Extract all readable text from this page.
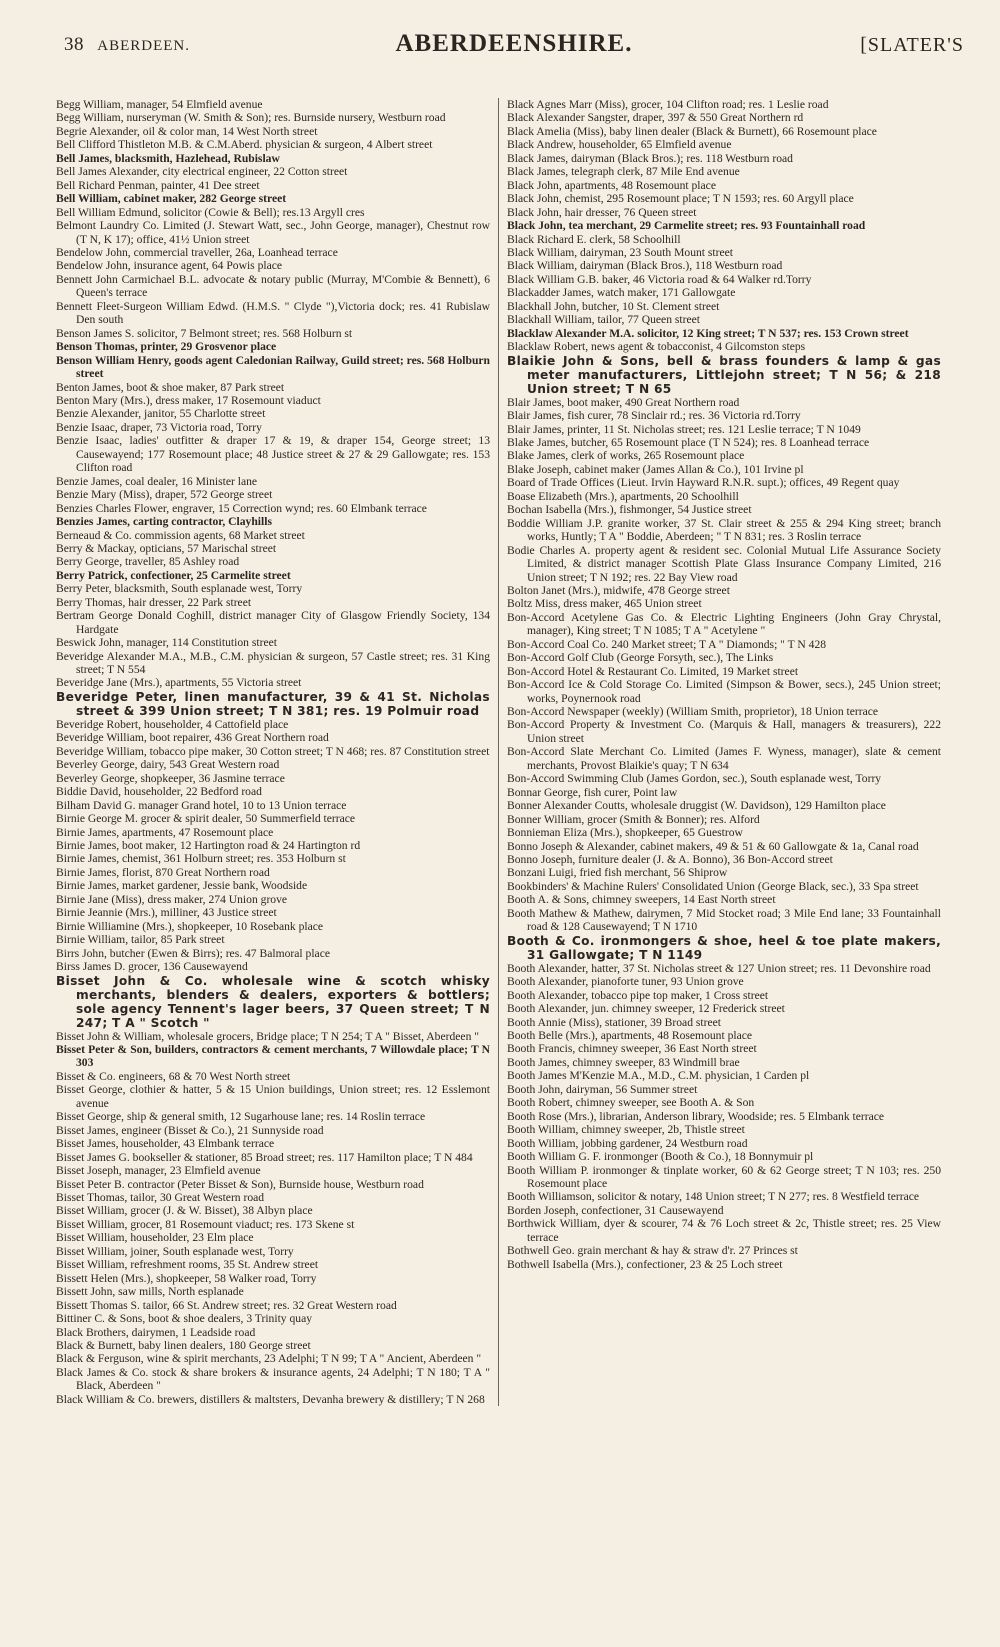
38 ABERDEEN.	ABERDEENSHIRE.	[SLATER'S

Begg William, manager, 54 Elmfield avenue

Begg William, nurseryman (W. Smith & Son); res. Burnside nursery, Westburn road

Begrie Alexander, oil & color man, 14 West North street

Bell Clifford Thistleton M.B. & C.M.Aberd. physician & surgeon, 4 Albert street

Bell James, blacksmith, Hazlehead, Rubislaw

Bell James Alexander, city electrical engineer, 22 Cotton street

Bell Richard Penman, painter, 41 Dee street

Bell William, cabinet maker, 282 George street

Bell William Edmund, solicitor (Cowie & Bell); res.13 Argyll cres

Belmont Laundry Co. Limited (J. Stewart Watt, sec., John George, manager), Chestnut row (T N, K 17); office, 41½ Union street

Bendelow John, commercial traveller, 26a, Loanhead terrace

Bendelow John, insurance agent, 64 Powis place

Bennett John Carmichael B.L. advocate & notary public (Murray, M'Combie & Bennett), 6 Queen's terrace

Bennett Fleet-Surgeon William Edwd. (H.M.S. " Clyde "),Victoria dock; res. 41 Rubislaw Den south

Benson James S. solicitor, 7 Belmont street; res. 568 Holburn st

Benson Thomas, printer, 29 Grosvenor place

Benson William Henry, goods agent Caledonian Railway, Guild street; res. 568 Holburn street

Benton James, boot & shoe maker, 87 Park street

Benton Mary (Mrs.), dress maker, 17 Rosemount viaduct

Benzie Alexander, janitor, 55 Charlotte street

Benzie Isaac, draper, 73 Victoria road, Torry

Benzie Isaac, ladies' outfitter & draper 17 & 19, & draper 154, George street; 13 Causewayend; 177 Rosemount place; 48 Justice street & 27 & 29 Gallowgate; res. 153 Clifton road

Benzie James, coal dealer, 16 Minister lane

Benzie Mary (Miss), draper, 572 George street

Benzies Charles Flower, engraver, 15 Correction wynd; res. 60 Elmbank terrace

Benzies James, carting contractor, Clayhills

Berneaud & Co. commission agents, 68 Market street

Berry & Mackay, opticians, 57 Marischal street

Berry George, traveller, 85 Ashley road

Berry Patrick, confectioner, 25 Carmelite street

Berry Peter, blacksmith, South esplanade west, Torry

Berry Thomas, hair dresser, 22 Park street

Bertram George Donald Coghill, district manager City of Glasgow Friendly Society, 134 Hardgate

Beswick John, manager, 114 Constitution street

Beveridge Alexander M.A., M.B., C.M. physician & surgeon, 57 Castle street; res. 31 King street; T N 554

Beveridge Jane (Mrs.), apartments, 55 Victoria street

Beveridge Peter, linen manufacturer, 39 & 41 St. Nicholas street & 399 Union street; T N 381; res. 19 Polmuir road

Beveridge Robert, householder, 4 Cattofield place

Beveridge William, boot repairer, 436 Great Northern road

Beveridge William, tobacco pipe maker, 30 Cotton street; T N 468; res. 87 Constitution street

Beverley George, dairy, 543 Great Western road

Beverley George, shopkeeper, 36 Jasmine terrace

Biddie David, householder, 22 Bedford road

Bilham David G. manager Grand hotel, 10 to 13 Union terrace

Birnie George M. grocer & spirit dealer, 50 Summerfield terrace

Birnie James, apartments, 47 Rosemount place

Birnie James, boot maker, 12 Hartington road & 24 Hartington rd

Birnie James, chemist, 361 Holburn street; res. 353 Holburn st

Birnie James, florist, 870 Great Northern road

Birnie James, market gardener, Jessie bank, Woodside

Birnie Jane (Miss), dress maker, 274 Union grove

Birnie Jeannie (Mrs.), milliner, 43 Justice street

Birnie Williamine (Mrs.), shopkeeper, 10 Rosebank place

Birnie William, tailor, 85 Park street

Birrs John, butcher (Ewen & Birrs); res. 47 Balmoral place

Birss James D. grocer, 136 Causewayend

Bisset John & Co. wholesale wine & scotch whisky merchants, blenders & dealers, exporters & bottlers; sole agency Tennent's lager beers, 37 Queen street; T N 247; T A " Scotch "

Bisset John & William, wholesale grocers, Bridge place; T N 254; T A " Bisset, Aberdeen "

Bisset Peter & Son, builders, contractors & cement merchants, 7 Willowdale place; T N 303

Bisset & Co. engineers, 68 & 70 West North street

Bisset George, clothier & hatter, 5 & 15 Union buildings, Union street; res. 12 Esslemont avenue

Bisset George, ship & general smith, 12 Sugarhouse lane; res. 14 Roslin terrace

Bisset James, engineer (Bisset & Co.), 21 Sunnyside road

Bisset James, householder, 43 Elmbank terrace

Bisset James G. bookseller & stationer, 85 Broad street; res. 117 Hamilton place; T N 484

Bisset Joseph, manager, 23 Elmfield avenue

Bisset Peter B. contractor (Peter Bisset & Son), Burnside house, Westburn road

Bisset Thomas, tailor, 30 Great Western road

Bisset William, grocer (J. & W. Bisset), 38 Albyn place

Bisset William, grocer, 81 Rosemount viaduct; res. 173 Skene st

Bisset William, householder, 23 Elm place

Bisset William, joiner, South esplanade west, Torry

Bisset William, refreshment rooms, 35 St. Andrew street

Bissett Helen (Mrs.), shopkeeper, 58 Walker road, Torry

Bissett John, saw mills, North esplanade

Bissett Thomas S. tailor, 66 St. Andrew street; res. 32 Great Western road

Bittiner C. & Sons, boot & shoe dealers, 3 Trinity quay

Black Brothers, dairymen, 1 Leadside road

Black & Burnett, baby linen dealers, 180 George street

Black & Ferguson, wine & spirit merchants, 23 Adelphi; T N 99; T A " Ancient, Aberdeen "

Black James & Co. stock & share brokers & insurance agents, 24 Adelphi; T N 180; T A " Black, Aberdeen "

Black William & Co. brewers, distillers & maltsters, Devanha brewery & distillery; T N 268

Black Agnes Marr (Miss), grocer, 104 Clifton road; res. 1 Leslie road

Black Alexander Sangster, draper, 397 & 550 Great Northern rd

Black Amelia (Miss), baby linen dealer (Black & Burnett), 66 Rosemount place

Black Andrew, householder, 65 Elmfield avenue

Black James, dairyman (Black Bros.); res. 118 Westburn road

Black James, telegraph clerk, 87 Mile End avenue

Black John, apartments, 48 Rosemount place

Black John, chemist, 295 Rosemount place; T N 1593; res. 60 Argyll place

Black John, hair dresser, 76 Queen street

Black John, tea merchant, 29 Carmelite street; res. 93 Fountainhall road

Black Richard E. clerk, 58 Schoolhill

Black William, dairyman, 23 South Mount street

Black William, dairyman (Black Bros.), 118 Westburn road

Black William G.B. baker, 46 Victoria road & 64 Walker rd.Torry

Blackadder James, watch maker, 171 Gallowgate

Blackhall John, butcher, 10 St. Clement street

Blackhall William, tailor, 77 Queen street

Blacklaw Alexander M.A. solicitor, 12 King street; T N 537; res. 153 Crown street

Blacklaw Robert, news agent & tobacconist, 4 Gilcomston steps

Blaikie John & Sons, bell & brass founders & lamp & gas meter manufacturers, Littlejohn street; T N 56; & 218 Union street; T N 65

Blair James, boot maker, 490 Great Northern road

Blair James, fish curer, 78 Sinclair rd.; res. 36 Victoria rd.Torry

Blair James, printer, 11 St. Nicholas street; res. 121 Leslie terrace; T N 1049

Blake James, butcher, 65 Rosemount place (T N 524); res. 8 Loanhead terrace

Blake James, clerk of works, 265 Rosemount place

Blake Joseph, cabinet maker (James Allan & Co.), 101 Irvine pl

Board of Trade Offices (Lieut. Irvin Hayward R.N.R. supt.); offices, 49 Regent quay

Boase Elizabeth (Mrs.), apartments, 20 Schoolhill

Bochan Isabella (Mrs.), fishmonger, 54 Justice street

Boddie William J.P. granite worker, 37 St. Clair street & 255 & 294 King street; branch works, Huntly; T A " Boddie, Aberdeen; " T N 831; res. 3 Roslin terrace

Bodie Charles A. property agent & resident sec. Colonial Mutual Life Assurance Society Limited, & district manager Scottish Plate Glass Insurance Company Limited, 216 Union street; T N 192; res. 22 Bay View road

Bolton Janet (Mrs.), midwife, 478 George street

Boltz Miss, dress maker, 465 Union street

Bon-Accord Acetylene Gas Co. & Electric Lighting Engineers (John Gray Chrystal, manager), King street; T N 1085; T A " Acetylene "

Bon-Accord Coal Co. 240 Market street; T A " Diamonds; " T N 428

Bon-Accord Golf Club (George Forsyth, sec.), The Links

Bon-Accord Hotel & Restaurant Co. Limited, 19 Market street

Bon-Accord Ice & Cold Storage Co. Limited (Simpson & Bower, secs.), 245 Union street; works, Poynernook road

Bon-Accord Newspaper (weekly) (William Smith, proprietor), 18 Union terrace

Bon-Accord Property & Investment Co. (Marquis & Hall, managers & treasurers), 222 Union street

Bon-Accord Slate Merchant Co. Limited (James F. Wyness, manager), slate & cement merchants, Provost Blaikie's quay; T N 634

Bon-Accord Swimming Club (James Gordon, sec.), South esplanade west, Torry

Bonnar George, fish curer, Point law

Bonner Alexander Coutts, wholesale druggist (W. Davidson), 129 Hamilton place

Bonner William, grocer (Smith & Bonner); res. Alford

Bonnieman Eliza (Mrs.), shopkeeper, 65 Guestrow

Bonno Joseph & Alexander, cabinet makers, 49 & 51 & 60 Gallowgate & 1a, Canal road

Bonno Joseph, furniture dealer (J. & A. Bonno), 36 Bon-Accord street

Bonzani Luigi, fried fish merchant, 56 Shiprow

Bookbinders' & Machine Rulers' Consolidated Union (George Black, sec.), 33 Spa street

Booth A. & Sons, chimney sweepers, 14 East North street

Booth Mathew & Mathew, dairymen, 7 Mid Stocket road; 3 Mile End lane; 33 Fountainhall road & 128 Causewayend; T N 1710

Booth & Co. ironmongers & shoe, heel & toe plate makers, 31 Gallowgate; T N 1149

Booth Alexander, hatter, 37 St. Nicholas street & 127 Union street; res. 11 Devonshire road

Booth Alexander, pianoforte tuner, 93 Union grove

Booth Alexander, tobacco pipe top maker, 1 Cross street

Booth Alexander, jun. chimney sweeper, 12 Frederick street

Booth Annie (Miss), stationer, 39 Broad street

Booth Belle (Mrs.), apartments, 48 Rosemount place

Booth Francis, chimney sweeper, 36 East North street

Booth James, chimney sweeper, 83 Windmill brae

Booth James M'Kenzie M.A., M.D., C.M. physician, 1 Carden pl

Booth John, dairyman, 56 Summer street

Booth Robert, chimney sweeper, see Booth A. & Son

Booth Rose (Mrs.), librarian, Anderson library, Woodside; res. 5 Elmbank terrace

Booth William, chimney sweeper, 2b, Thistle street

Booth William, jobbing gardener, 24 Westburn road

Booth William G. F. ironmonger (Booth & Co.), 18 Bonnymuir pl

Booth William P. ironmonger & tinplate worker, 60 & 62 George street; T N 103; res. 250 Rosemount place

Booth Williamson, solicitor & notary, 148 Union street; T N 277; res. 8 Westfield terrace

Borden Joseph, confectioner, 31 Causewayend

Borthwick William, dyer & scourer, 74 & 76 Loch street & 2c, Thistle street; res. 25 View terrace

Bothwell Geo. grain merchant & hay & straw d'r. 27 Princes st

Bothwell Isabella (Mrs.), confectioner, 23 & 25 Loch street
